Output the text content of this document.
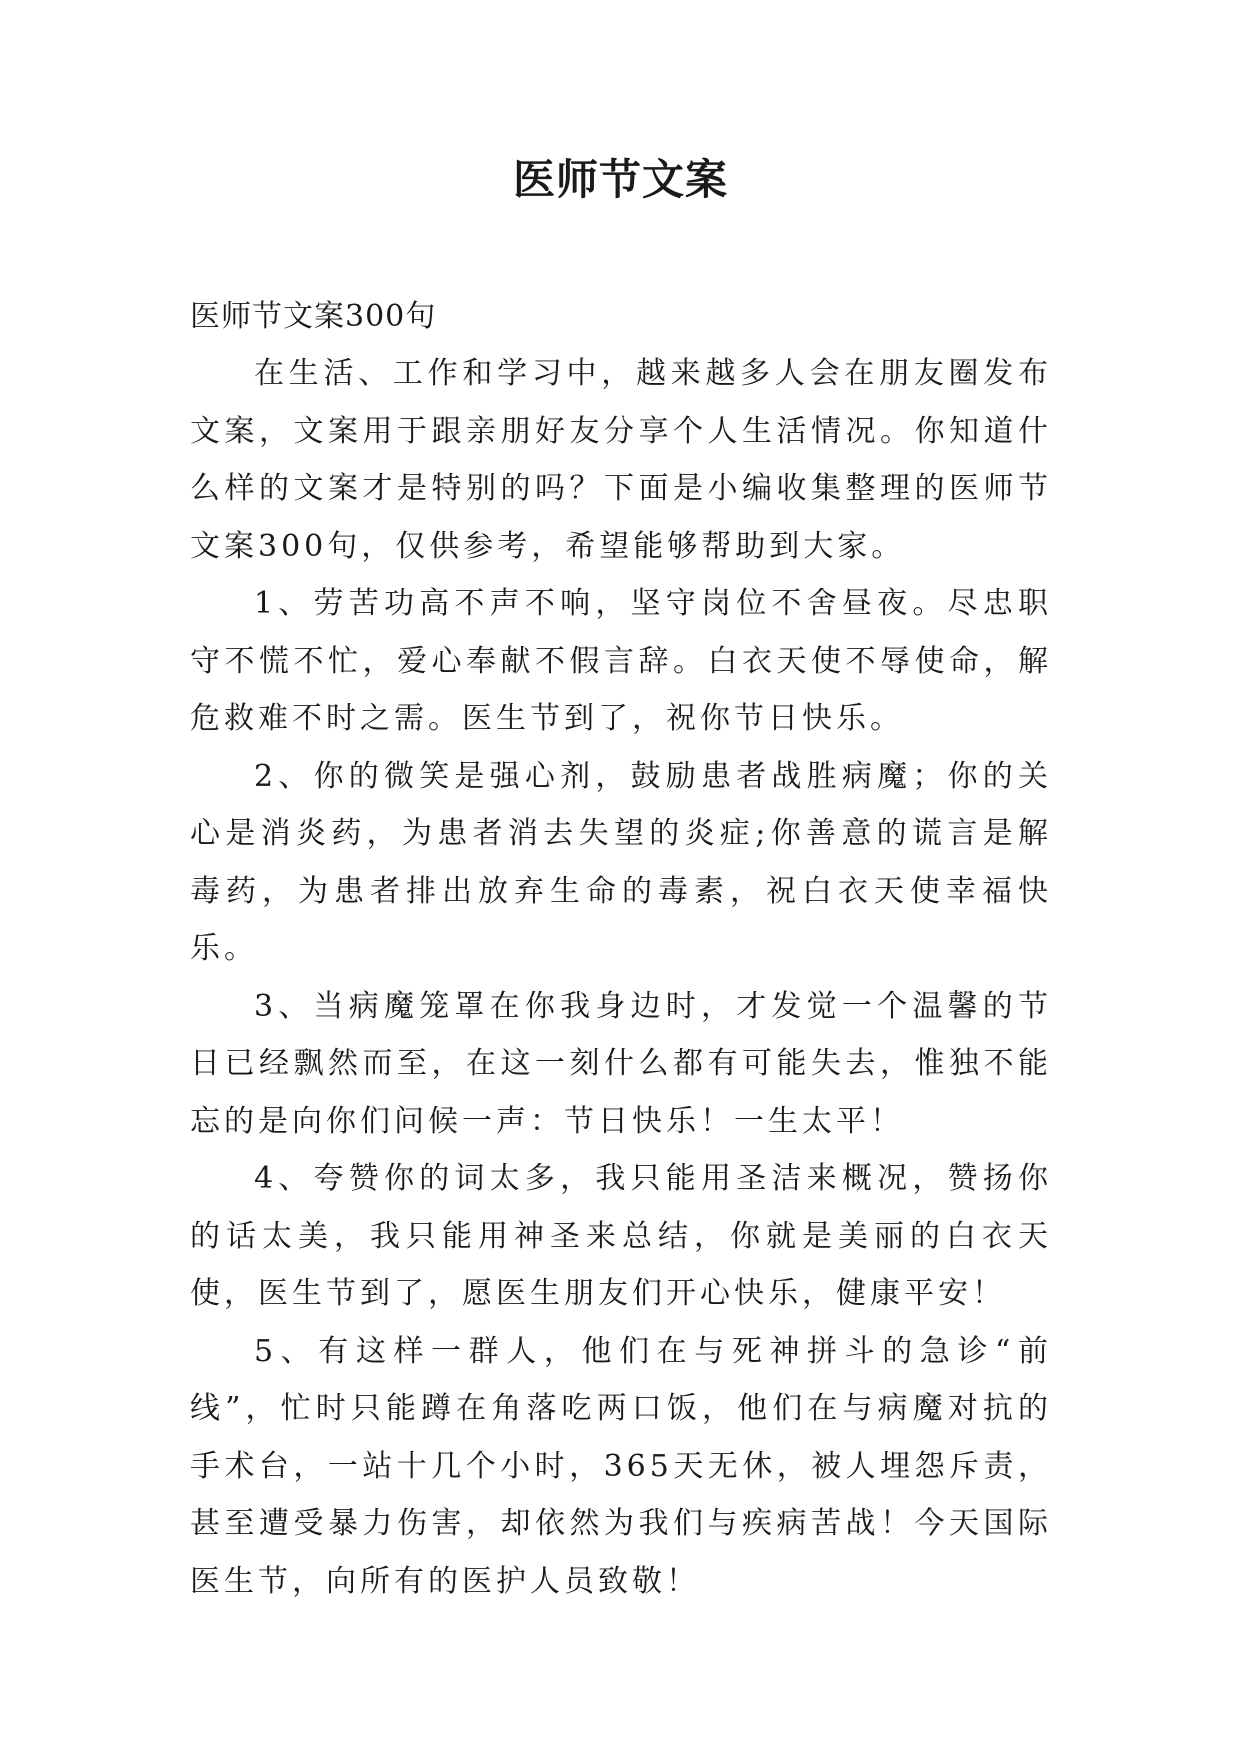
医师节文案

医师节文案300句

在生活、工作和学习中，越来越多人会在朋友圈发布文案，文案用于跟亲朋好友分享个人生活情况。你知道什么样的文案才是特别的吗？下面是小编收集整理的医师节文案300句，仅供参考，希望能够帮助到大家。

1、劳苦功高不声不响，坚守岗位不舍昼夜。尽忠职守不慌不忙，爱心奉献不假言辞。白衣天使不辱使命，解危救难不时之需。医生节到了，祝你节日快乐。

2、你的微笑是强心剂，鼓励患者战胜病魔；你的关心是消炎药，为患者消去失望的炎症;你善意的谎言是解毒药，为患者排出放弃生命的毒素，祝白衣天使幸福快乐。

3、当病魔笼罩在你我身边时，才发觉一个温馨的节日已经飘然而至，在这一刻什么都有可能失去，惟独不能忘的是向你们问候一声：节日快乐！一生太平！

4、夸赞你的词太多，我只能用圣洁来概况，赞扬你的话太美，我只能用神圣来总结，你就是美丽的白衣天使，医生节到了，愿医生朋友们开心快乐，健康平安！

5、有这样一群人，他们在与死神拼斗的急诊“前线”，忙时只能蹲在角落吃两口饭，他们在与病魔对抗的手术台，一站十几个小时，365天无休，被人埋怨斥责，甚至遭受暴力伤害，却依然为我们与疾病苦战！今天国际医生节，向所有的医护人员致敬！
